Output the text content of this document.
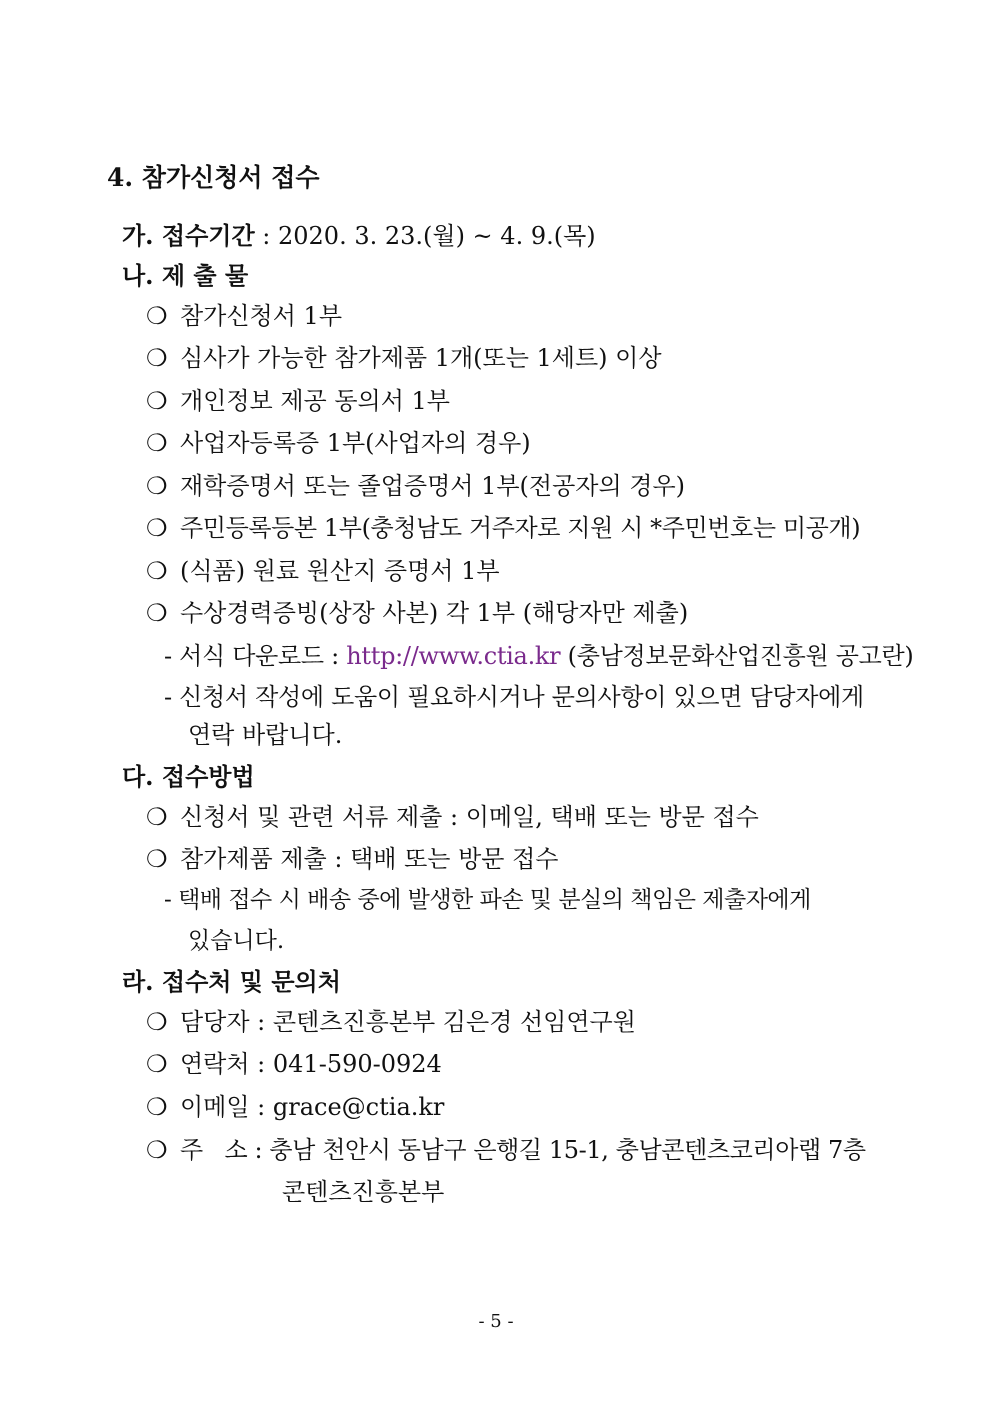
4. 참가신청서 접수
가. 접수기간 : 2020. 3. 23.(월) ~ 4. 9.(목)
나. 제 출 물
❍ 참가신청서 1부
❍ 심사가 가능한 참가제품 1개(또는 1세트) 이상
❍ 개인정보 제공 동의서 1부
❍ 사업자등록증 1부(사업자의 경우)
❍ 재학증명서 또는 졸업증명서 1부(전공자의 경우)
❍ 주민등록등본 1부(충청남도 거주자로 지원 시 *주민번호는 미공개)
❍ (식품) 원료 원산지 증명서 1부
❍ 수상경력증빙(상장 사본) 각 1부 (해당자만 제출)
- 서식 다운로드 : http://www.ctia.kr (충남정보문화산업진흥원 공고란)
- 신청서 작성에 도움이 필요하시거나 문의사항이 있으면 담당자에게
연락 바랍니다.
다. 접수방법
❍ 신청서 및 관련 서류 제출 : 이메일, 택배 또는 방문 접수
❍ 참가제품 제출 : 택배 또는 방문 접수
- 택배 접수 시 배송 중에 발생한 파손 및 분실의 책임은 제출자에게
있습니다.
라. 접수처 및 문의처
❍ 담당자 : 콘텐츠진흥본부 김은경 선임연구원
❍ 연락처 : 041-590-0924
❍ 이메일 : grace@ctia.kr
❍ 주   소 : 충남 천안시 동남구 은행길 15-1, 충남콘텐츠코리아랩 7층
콘텐츠진흥본부
- 5 -
